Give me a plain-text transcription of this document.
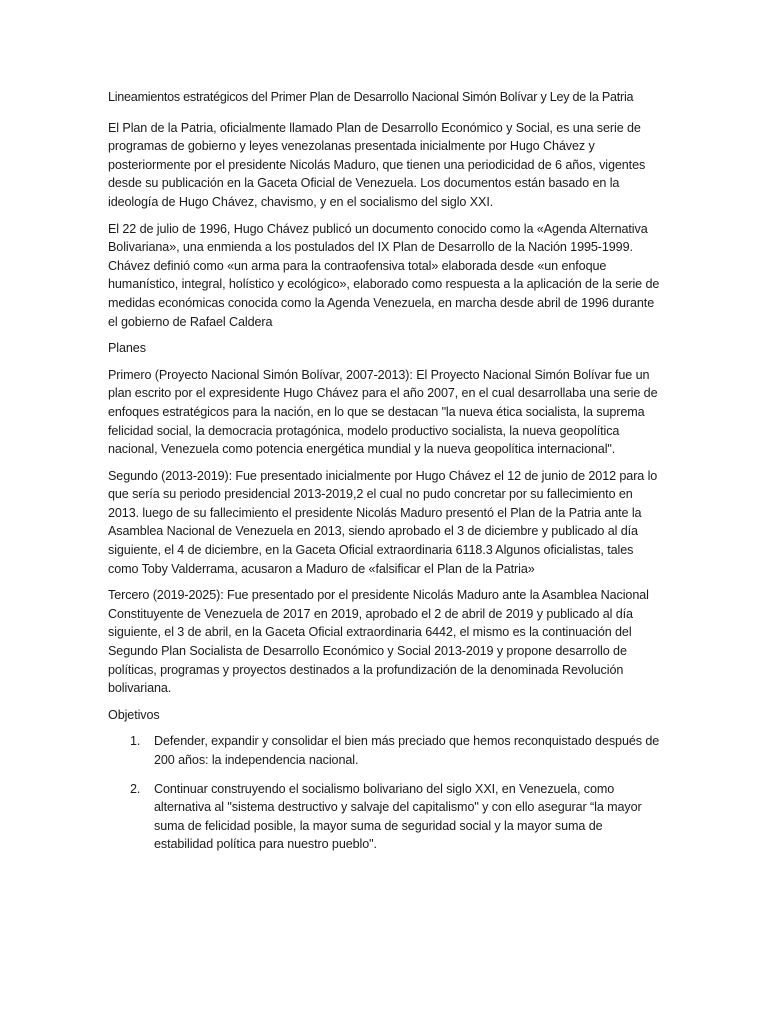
Lineamientos estratégicos del Primer Plan de Desarrollo Nacional Simón Bolívar y Ley de la Patria

El Plan de la Patria, oficialmente llamado Plan de Desarrollo Económico y Social, es una serie de programas de gobierno y leyes venezolanas presentada inicialmente por Hugo Chávez y posteriormente por el presidente Nicolás Maduro, que tienen una periodicidad de 6 años, vigentes desde su publicación en la Gaceta Oficial de Venezuela. Los documentos están basado en la ideología de Hugo Chávez, chavismo, y en el socialismo del siglo XXI.

El 22 de julio de 1996, Hugo Chávez publicó un documento conocido como la «Agenda Alternativa Bolivariana», una enmienda a los postulados del IX Plan de Desarrollo de la Nación 1995-1999. Chávez definió como «un arma para la contraofensiva total» elaborada desde «un enfoque humanístico, integral, holístico y ecológico», elaborado como respuesta a la aplicación de la serie de medidas económicas conocida como la Agenda Venezuela, en marcha desde abril de 1996 durante el gobierno de Rafael Caldera

Planes

Primero (Proyecto Nacional Simón Bolívar, 2007-2013): El Proyecto Nacional Simón Bolívar fue un plan escrito por el expresidente Hugo Chávez para el año 2007, en el cual desarrollaba una serie de enfoques estratégicos para la nación, en lo que se destacan "la nueva ética socialista, la suprema felicidad social, la democracia protagónica, modelo productivo socialista, la nueva geopolítica nacional, Venezuela como potencia energética mundial y la nueva geopolítica internacional".

Segundo (2013-2019): Fue presentado inicialmente por Hugo Chávez el 12 de junio de 2012 para lo que sería su periodo presidencial 2013-2019,2 el cual no pudo concretar por su fallecimiento en 2013. luego de su fallecimiento el presidente Nicolás Maduro presentó el Plan de la Patria ante la Asamblea Nacional de Venezuela en 2013, siendo aprobado el 3 de diciembre y publicado al día siguiente, el 4 de diciembre, en la Gaceta Oficial extraordinaria 6118.3 Algunos oficialistas, tales como Toby Valderrama, acusaron a Maduro de «falsificar el Plan de la Patria»

Tercero (2019-2025): Fue presentado por el presidente Nicolás Maduro ante la Asamblea Nacional Constituyente de Venezuela de 2017 en 2019, aprobado el 2 de abril de 2019 y publicado al día siguiente, el 3 de abril, en la Gaceta Oficial extraordinaria 6442, el mismo es la continuación del Segundo Plan Socialista de Desarrollo Económico y Social 2013-2019 y propone desarrollo de políticas, programas y proyectos destinados a la profundización de la denominada Revolución bolivariana.

Objetivos

1. Defender, expandir y consolidar el bien más preciado que hemos reconquistado después de 200 años: la independencia nacional.
2. Continuar construyendo el socialismo bolivariano del siglo XXI, en Venezuela, como alternativa al "sistema destructivo y salvaje del capitalismo" y con ello asegurar “la mayor suma de felicidad posible, la mayor suma de seguridad social y la mayor suma de estabilidad política para nuestro pueblo".
